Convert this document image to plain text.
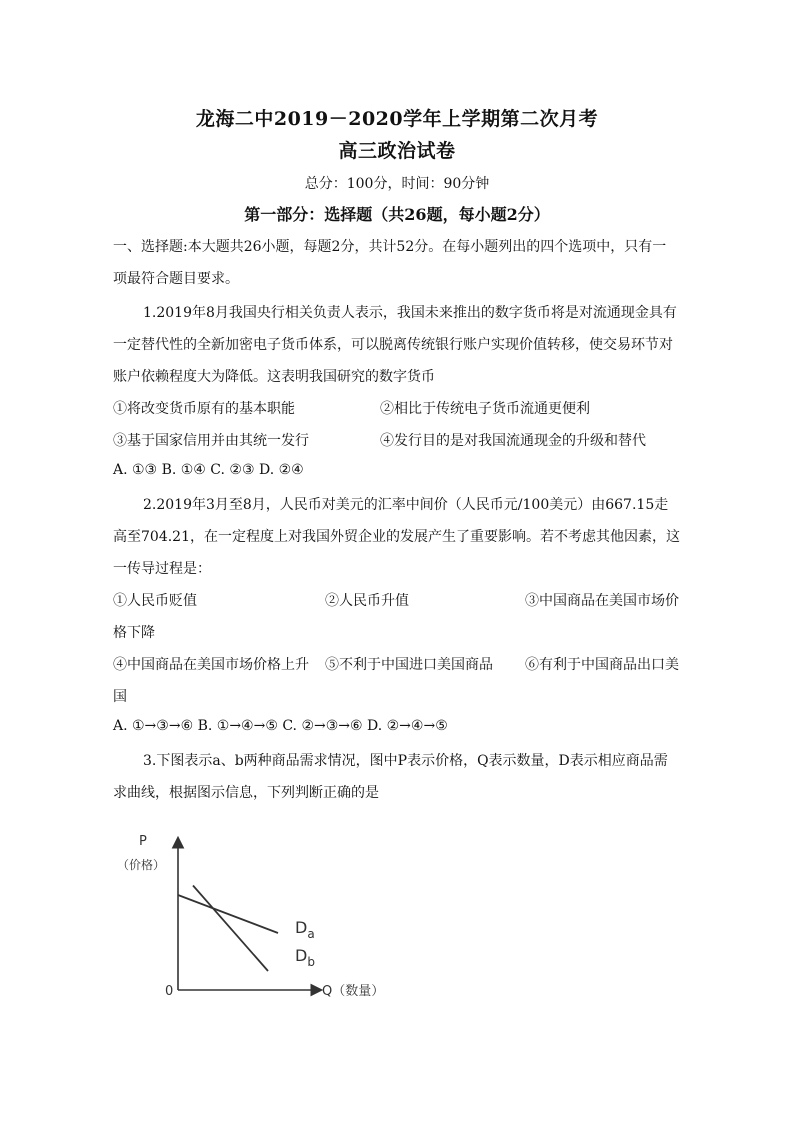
龙海二中2019－2020学年上学期第二次月考
高三政治试卷
总分：100分，时间：90分钟
第一部分：选择题（共26题，每小题2分）
一、选择题:本大题共26小题，每题2分，共计52分。在每小题列出的四个选项中，只有一
项最符合题目要求。
1.2019年8月我国央行相关负责人表示，我国未来推出的数字货币将是对流通现金具有
一定替代性的全新加密电子货币体系，可以脱离传统银行账户实现价值转移，使交易环节对
账户依赖程度大为降低。这表明我国研究的数字货币
①将改变货币原有的基本职能	②相比于传统电子货币流通更便利
③基于国家信用并由其统一发行	④发行目的是对我国流通现金的升级和替代
A. ①③ B. ①④ C. ②③ D. ②④
2.2019年3月至8月，人民币对美元的汇率中间价（人民币元/100美元）由667.15走
高至704.21，在一定程度上对我国外贸企业的发展产生了重要影响。若不考虑其他因素，这
一传导过程是：
①人民币贬值	②人民币升值	③中国商品在美国市场价
格下降
④中国商品在美国市场价格上升 ⑤不利于中国进口美国商品 ⑥有利于中国商品出口美
国
A. ①→③→⑥ B. ①→④→⑤ C. ②→③→⑥ D. ②→④→⑤
3.下图表示a、b两种商品需求情况，图中P表示价格，Q表示数量，D表示相应商品需
求曲线，根据图示信息，下列判断正确的是
P
（价格）
0	Q（数量）
$D_a$
$D_b$
